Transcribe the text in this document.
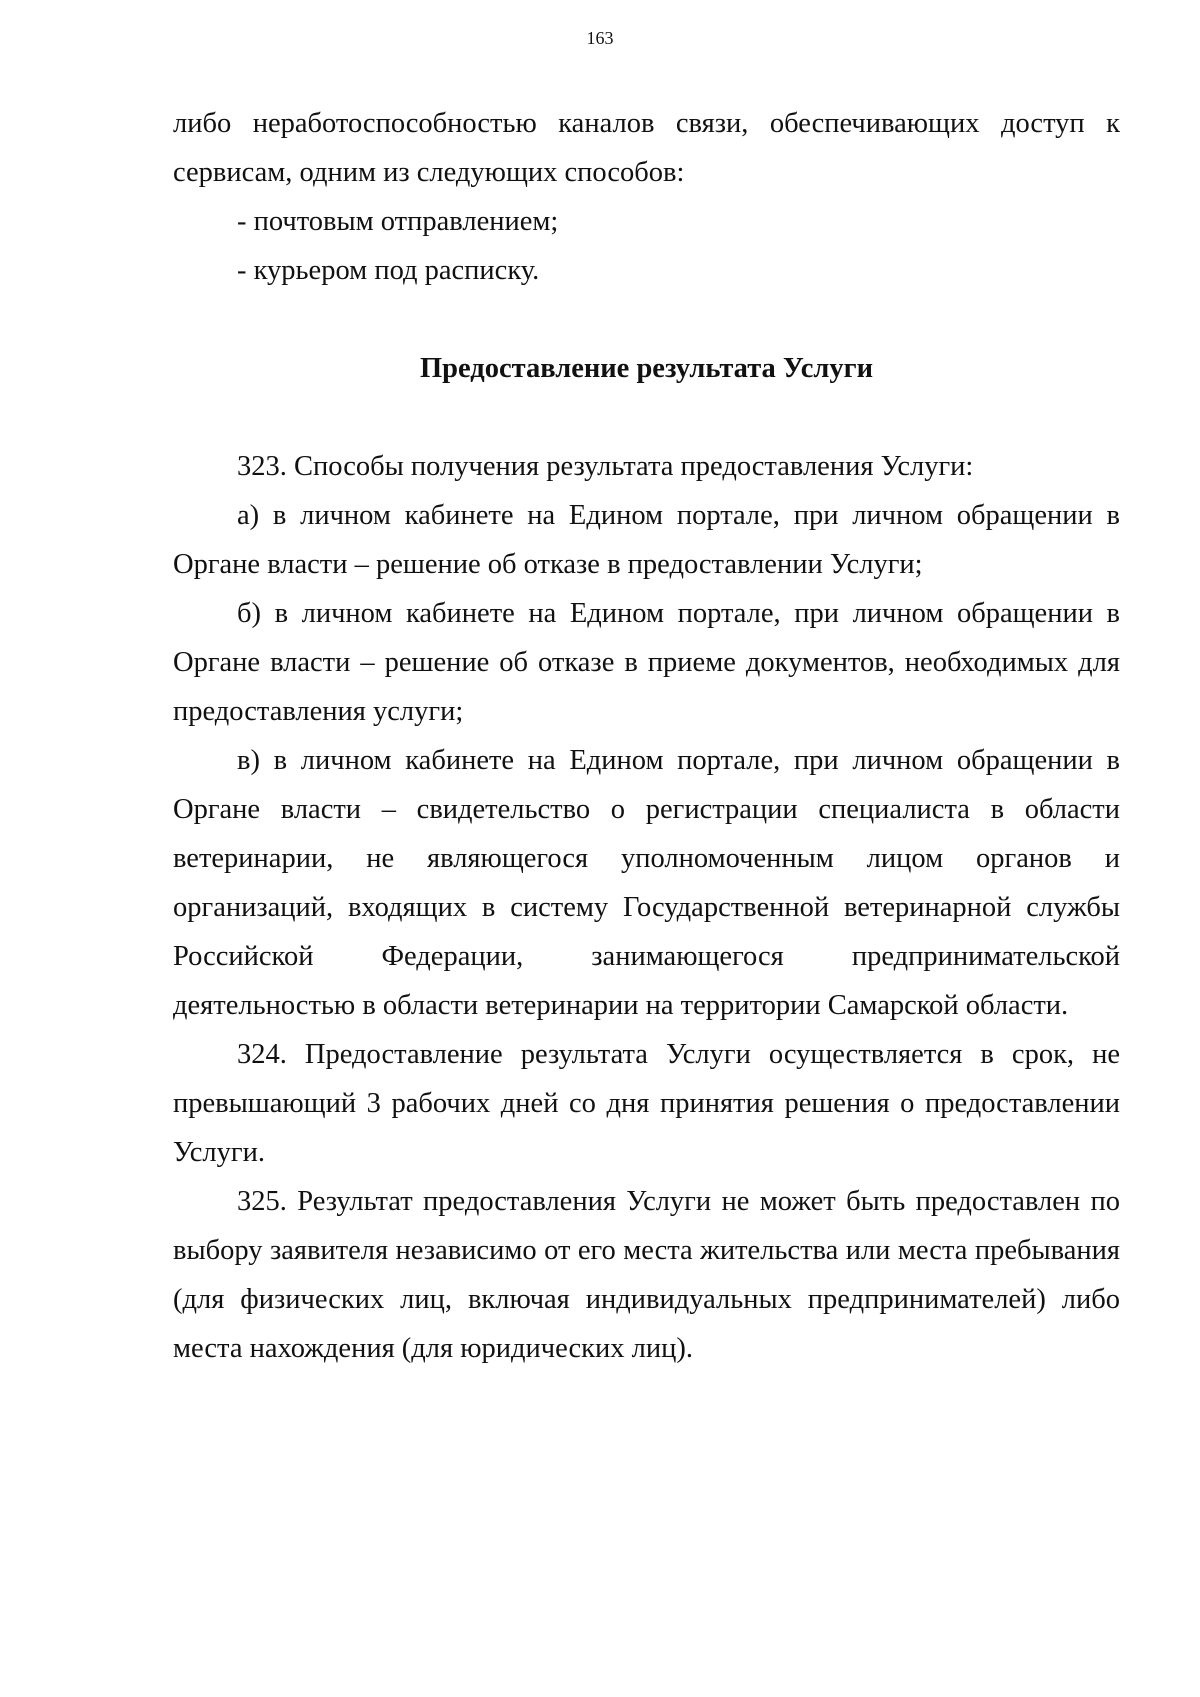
163

либо неработоспособностью каналов связи, обеспечивающих доступ к сервисам, одним из следующих способов:

- почтовым отправлением;

- курьером под расписку.

Предоставление результата Услуги

323. Способы получения результата предоставления Услуги:

а) в личном кабинете на Едином портале, при личном обращении в Органе власти – решение об отказе в предоставлении Услуги;

б) в личном кабинете на Едином портале, при личном обращении в Органе власти – решение об отказе в приеме документов, необходимых для предоставления услуги;

в) в личном кабинете на Едином портале, при личном обращении в Органе власти – свидетельство о регистрации специалиста в области ветеринарии, не являющегося уполномоченным лицом органов и организаций, входящих в систему Государственной ветеринарной службы Российской Федерации, занимающегося предпринимательской деятельностью в области ветеринарии на территории Самарской области.

324. Предоставление результата Услуги осуществляется в срок, не превышающий 3 рабочих дней со дня принятия решения о предоставлении Услуги.

325. Результат предоставления Услуги не может быть предоставлен по выбору заявителя независимо от его места жительства или места пребывания (для физических лиц, включая индивидуальных предпринимателей) либо места нахождения (для юридических лиц).
